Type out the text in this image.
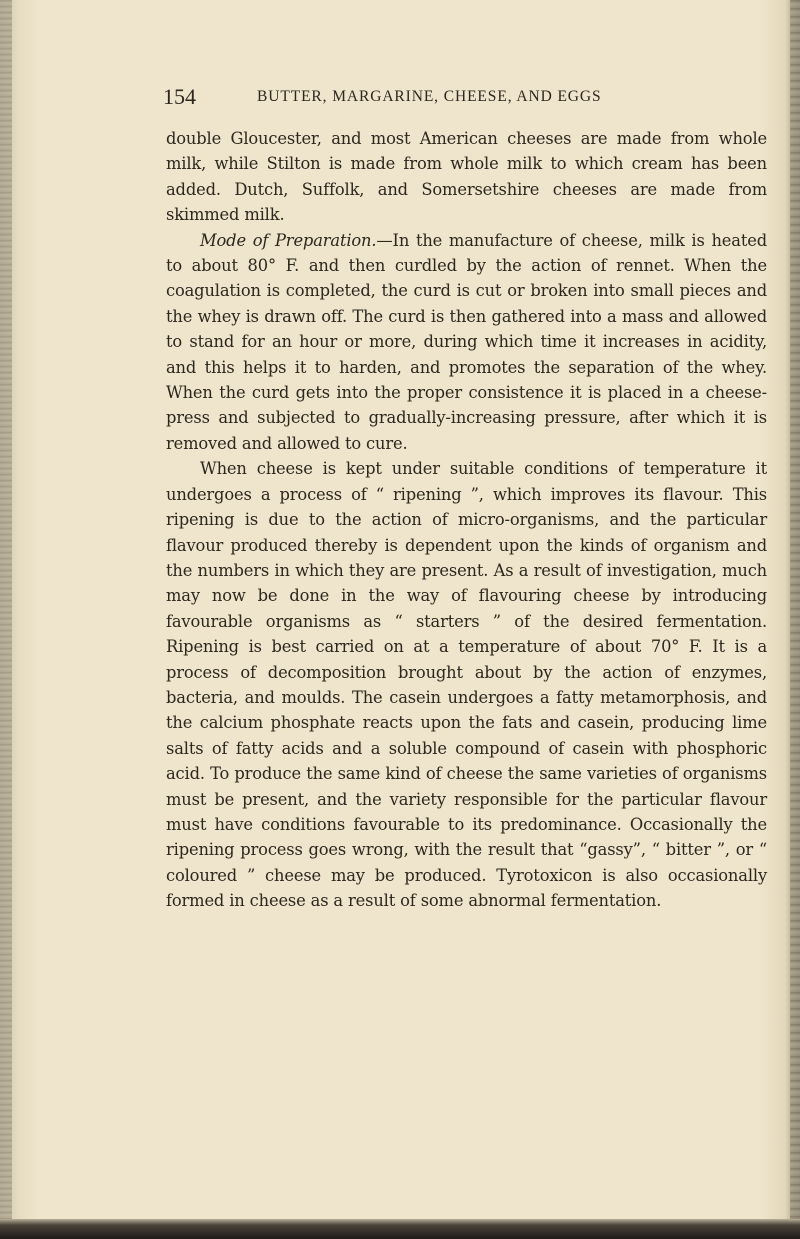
154	BUTTER, MARGARINE, CHEESE, AND EGGS

double Gloucester, and most American cheeses are made from whole milk, while Stilton is made from whole milk to which cream has been added. Dutch, Suffolk, and Somersetshire cheeses are made from skimmed milk.

Mode of Preparation.—In the manufacture of cheese, milk is heated to about 80° F. and then curdled by the action of rennet. When the coagulation is completed, the curd is cut or broken into small pieces and the whey is drawn off. The curd is then gathered into a mass and allowed to stand for an hour or more, during which time it increases in acidity, and this helps it to harden, and promotes the separation of the whey. When the curd gets into the proper consistence it is placed in a cheese-press and subjected to gradually-increasing pressure, after which it is removed and allowed to cure.

When cheese is kept under suitable conditions of temperature it undergoes a process of “ ripening ”, which improves its flavour. This ripening is due to the action of micro-organisms, and the particular flavour produced thereby is dependent upon the kinds of organism and the numbers in which they are present. As a result of investigation, much may now be done in the way of flavouring cheese by introducing favourable organisms as “ starters ” of the desired fermentation. Ripening is best carried on at a temperature of about 70° F. It is a process of decomposition brought about by the action of enzymes, bacteria, and moulds. The casein undergoes a fatty metamorphosis, and the calcium phosphate reacts upon the fats and casein, producing lime salts of fatty acids and a soluble compound of casein with phosphoric acid. To produce the same kind of cheese the same varieties of organisms must be present, and the variety responsible for the particular flavour must have conditions favourable to its predominance. Occasionally the ripening process goes wrong, with the result that “gassy”, “ bitter ”, or “ coloured ” cheese may be produced. Tyrotoxicon is also occasionally formed in cheese as a result of some abnormal fermentation.
